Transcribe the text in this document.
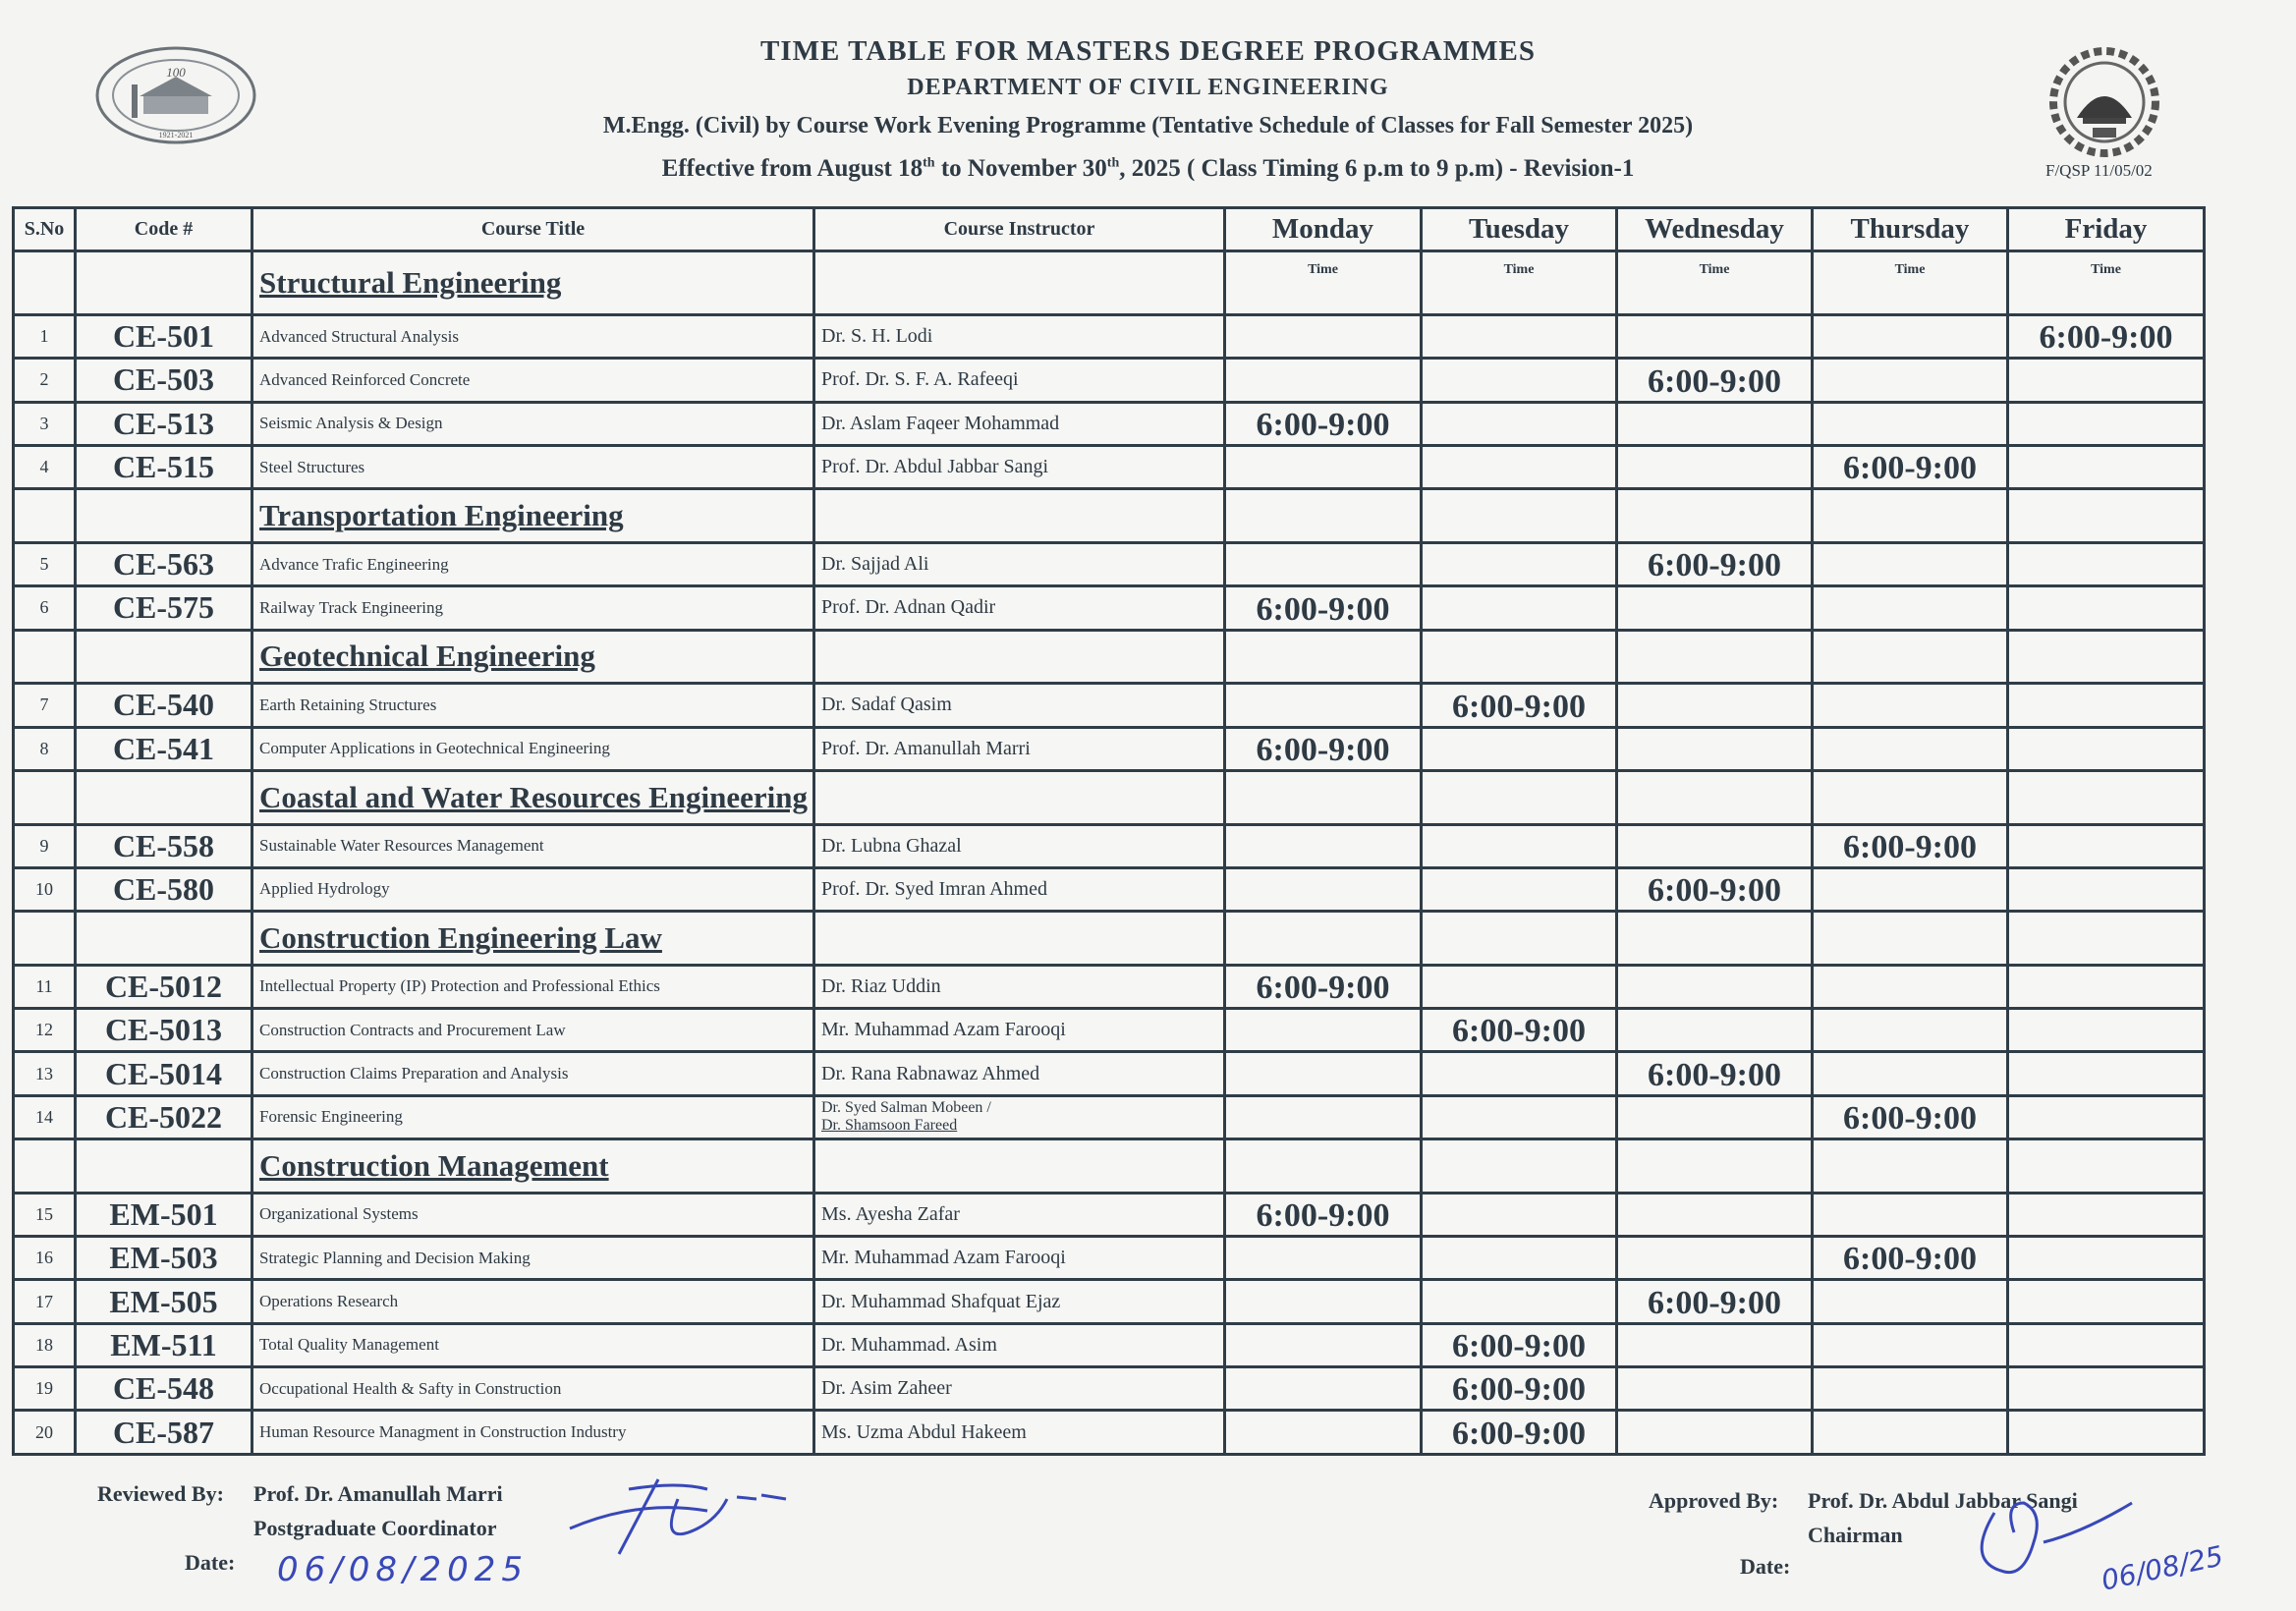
100
1921-2021
TIME TABLE FOR MASTERS DEGREE PROGRAMMES
DEPARTMENT OF CIVIL ENGINEERING
M.Engg. (Civil) by Course Work Evening Programme (Tentative Schedule of Classes for Fall Semester 2025)
Effective from August 18th to November 30th, 2025 ( Class Timing 6 p.m to 9 p.m) - Revision-1	F/QSP 11/05/02
S.No	Code #	Course Title	Course Instructor	Monday	Tuesday	Wednesday	Thursday	Friday
		Structural Engineering		Time	Time	Time	Time	Time
1	CE-501	Advanced Structural Analysis	Dr. S. H. Lodi					6:00-9:00
2	CE-503	Advanced Reinforced Concrete	Prof. Dr. S. F. A. Rafeeqi			6:00-9:00		
3	CE-513	Seismic Analysis & Design	Dr. Aslam Faqeer Mohammad	6:00-9:00				
4	CE-515	Steel Structures	Prof. Dr. Abdul Jabbar Sangi				6:00-9:00	
		Transportation Engineering						
5	CE-563	Advance Trafic Engineering	Dr. Sajjad Ali			6:00-9:00		
6	CE-575	Railway Track Engineering	Prof. Dr. Adnan Qadir	6:00-9:00				
		Geotechnical Engineering						
7	CE-540	Earth Retaining Structures	Dr. Sadaf Qasim		6:00-9:00			
8	CE-541	Computer Applications in Geotechnical Engineering	Prof. Dr. Amanullah Marri	6:00-9:00				
		Coastal and Water Resources Engineering						
9	CE-558	Sustainable Water Resources Management	Dr. Lubna Ghazal				6:00-9:00	
10	CE-580	Applied Hydrology	Prof. Dr. Syed Imran Ahmed			6:00-9:00		
		Construction Engineering Law						
11	CE-5012	Intellectual Property (IP) Protection and Professional Ethics	Dr. Riaz Uddin	6:00-9:00				
12	CE-5013	Construction Contracts and Procurement Law	Mr. Muhammad Azam Farooqi		6:00-9:00			
13	CE-5014	Construction Claims Preparation and Analysis	Dr. Rana Rabnawaz Ahmed			6:00-9:00		
14	CE-5022	Forensic Engineering	Dr. Syed Salman Mobeen /
Dr. Shamsoon Fareed				6:00-9:00	
		Construction Management						
15	EM-501	Organizational Systems	Ms. Ayesha Zafar	6:00-9:00				
16	EM-503	Strategic Planning and Decision Making	Mr. Muhammad Azam Farooqi				6:00-9:00	
17	EM-505	Operations Research	Dr. Muhammad Shafquat Ejaz			6:00-9:00		
18	EM-511	Total Quality Management	Dr. Muhammad. Asim		6:00-9:00			
19	CE-548	Occupational Health & Safty in Construction	Dr. Asim Zaheer		6:00-9:00			
20	CE-587	Human Resource Managment in Construction Industry	Ms. Uzma Abdul Hakeem		6:00-9:00			
Reviewed By: Prof. Dr. Amanullah Marri
Postgraduate Coordinator
Date: 06/08/2025
Approved By: Prof. Dr. Abdul Jabbar Sangi
Chairman
Date:	06/08/25
